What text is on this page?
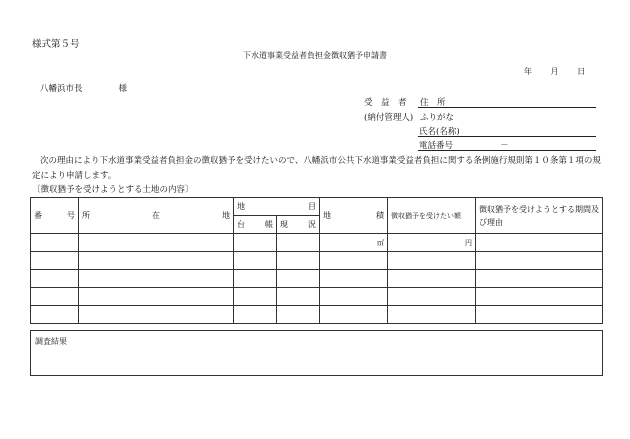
様式第５号
下水道事業受益者負担金徴収猶予申請書
年 月 日
八幡浜市長	様
受　益　者 住　所
(納付管理人) ふりがな
氏名(名称)
電話番号	－
次の理由により下水道事業受益者負担金の徴収猶予を受けたいので、八幡浜市公共下水道事業受益者負担に関する条例施行規則第１０条第１項の規定により申請します。
〔徴収猶予を受けようとする土地の内容〕
番 号	所 在 地	地 目		地 積	徴収猶予を受けたい額	徴収猶予を受けようとする期間及び理由

		台 帳	現 況			

				㎡	円	

調査結果
